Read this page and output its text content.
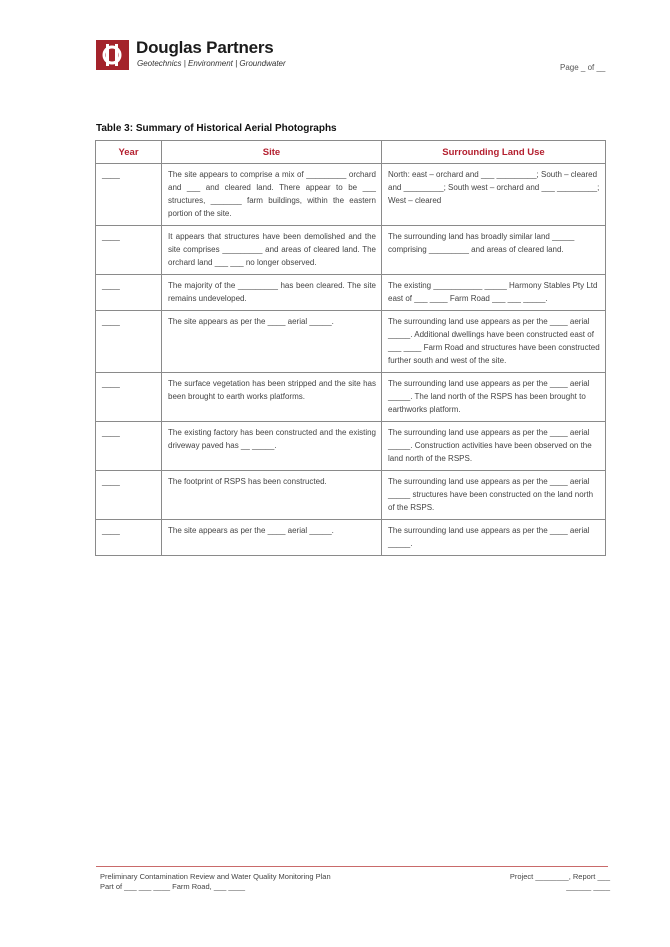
Douglas Partners
Geotechnics | Environment | Groundwater	Page _ of __
Table 3: Summary of Historical Aerial Photographs
Year	Site	Surrounding Land Use
____	The site appears to comprise a mix of _________ orchard and ___ and cleared land. There appear to be ___ structures, _______ farm buildings, within the eastern portion of the site.	North: east – orchard and ___ _________; South – cleared and _________; South west – orchard and ___ _________; West – cleared
____	It appears that structures have been demolished and the site comprises _________ and areas of cleared land. The orchard land ___ ___ no longer observed.	The surrounding land has broadly similar land _____ comprising _________ and areas of cleared land.
____	The majority of the _________ has been cleared. The site remains undeveloped.	The existing ___________ _____ Harmony Stables Pty Ltd east of ___ ____ Farm Road ___ ___ _____.
____	The site appears as per the ____ aerial _____.	The surrounding land use appears as per the ____ aerial _____. Additional dwellings have been constructed east of ___ ____ Farm Road and structures have been constructed further south and west of the site.
____	The surface vegetation has been stripped and the site has been brought to earth works platforms.	The surrounding land use appears as per the ____ aerial _____. The land north of the RSPS has been brought to earthworks platform.
____	The existing factory has been constructed and the existing driveway paved has __ _____.	The surrounding land use appears as per the ____ aerial _____. Construction activities have been observed on the land north of the RSPS.
____	The footprint of RSPS has been constructed.	The surrounding land use appears as per the ____ aerial _____ structures have been constructed on the land north of the RSPS.
____	The site appears as per the ____ aerial _____.	The surrounding land use appears as per the ____ aerial _____.
Preliminary Contamination Review and Water Quality Monitoring Plan
Part of ___ ___ ____ Farm Road, ___ ____
Project ________, Report ___
______ ____
